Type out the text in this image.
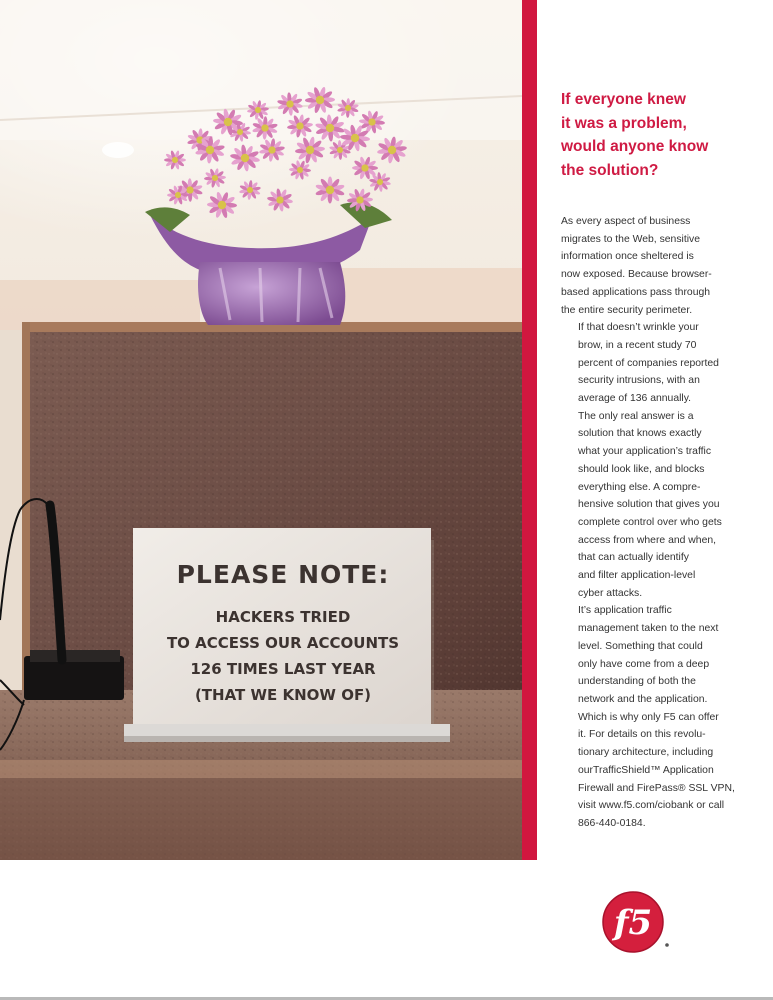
PLEASE NOTE:
HACKERS TRIED
TO ACCESS OUR ACCOUNTS
126 TIMES LAST YEAR
(THAT WE KNOW OF)
If everyone knew
it was a problem,
would anyone know
the solution?

As every aspect of business
migrates to the Web, sensitive
information once sheltered is
now exposed. Because browser-
based applications pass through
the entire security perimeter.

If that doesn’t wrinkle your
brow, in a recent study 70
percent of companies reported
security intrusions, with an
average of 136 annually.

The only real answer is a
solution that knows exactly
what your application’s traffic
should look like, and blocks
everything else. A compre-
hensive solution that gives you
complete control over who gets
access from where and when,
that can actually identify
and filter application-level
cyber attacks.

It’s application traffic
management taken to the next
level. Something that could
only have come from a deep
understanding of both the
network and the application.
Which is why only F5 can offer
it. For details on this revolu-
tionary architecture, including
ourTrafficShield™ Application
Firewall and FirePass® SSL VPN,
visit www.f5.com/ciobank or call
866-440-0184.

f5
